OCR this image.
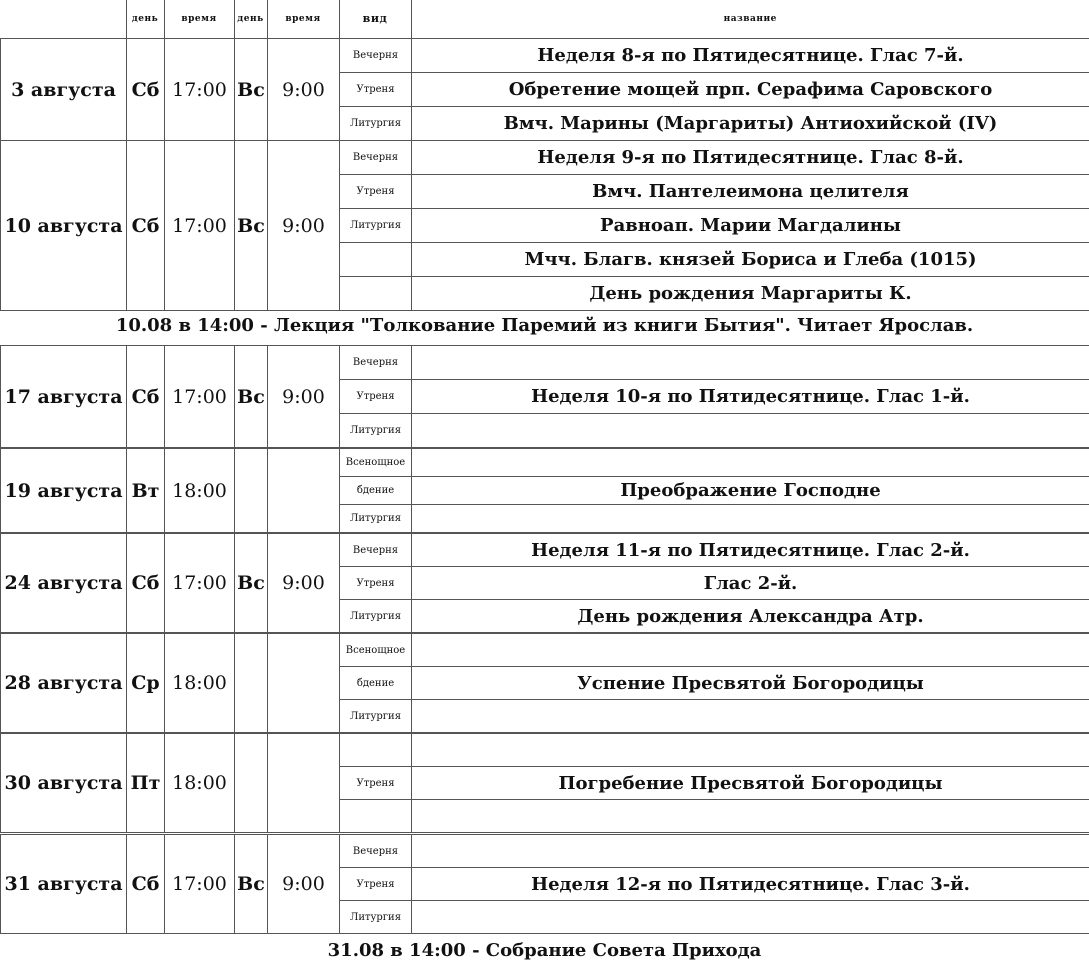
	день	время	день	время	вид	название
3 августа	Сб	17:00	Вс	9:00	Вечерня	Неделя 8-я по Пятидесятнице. Глас 7-й.
					Утреня	Обретение мощей прп. Серафима Саровского
					Литургия	Вмч. Марины (Маргариты) Антиохийской (IV)
10 августа	Сб	17:00	Вс	9:00	Вечерня	Неделя 9-я по Пятидесятнице. Глас 8-й.
					Утреня	Вмч. Пантелеимона целителя
					Литургия	Равноап. Марии Магдалины
						Мчч. Благв. князей Бориса и Глеба (1015)
						День рождения Маргариты К.
17 августа	Сб	17:00	Вс	9:00	Вечерня	
					Утреня	Неделя 10-я по Пятидесятнице. Глас 1-й.
					Литургия	
19 августа	Вт	18:00			Всенощное	
					бдение	Преображение Господне
					Литургия	
24 августа	Сб	17:00	Вс	9:00	Вечерня	Неделя 11-я по Пятидесятнице. Глас 2-й.
					Утреня	Глас 2-й.
					Литургия	День рождения Александра Атр.
28 августа	Ср	18:00			Всенощное	
					бдение	Успение Пресвятой Богородицы
					Литургия	
30 августа	Пт	18:00				
					Утреня	Погребение Пресвятой Богородицы

31 августа	Сб	17:00	Вс	9:00	Вечерня	
					Утреня	Неделя 12-я по Пятидесятнице. Глас 3-й.
					Литургия	
10.08 в 14:00 - Лекция "Толкование Паремий из книги Бытия". Читает Ярослав.
31.08 в 14:00 - Собрание Совета Прихода
